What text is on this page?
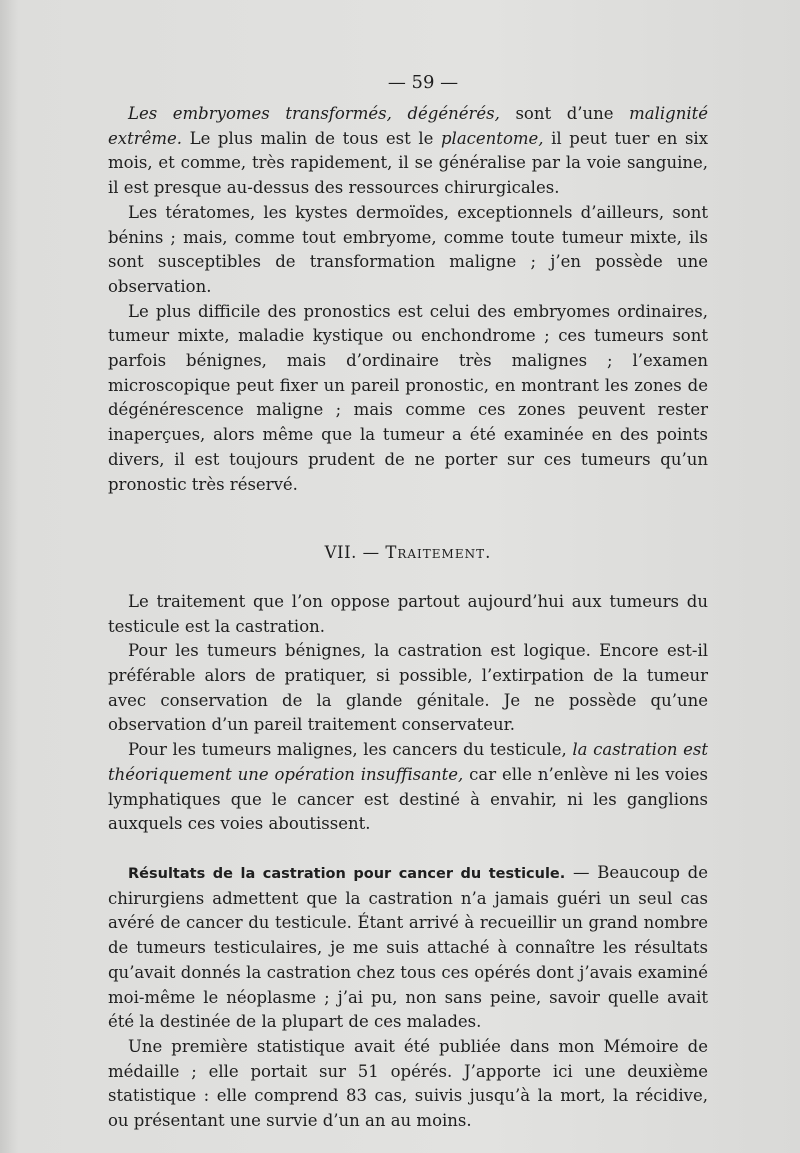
— 59 —

Les embryomes transformés, dégénérés, sont d’une malignité extrême. Le plus malin de tous est le placentome, il peut tuer en six mois, et comme, très rapidement, il se généralise par la voie sanguine, il est presque au-dessus des ressources chirurgicales.

Les tératomes, les kystes dermoïdes, exceptionnels d’ailleurs, sont bénins ; mais, comme tout embryome, comme toute tumeur mixte, ils sont susceptibles de transformation maligne ; j’en possède une observation.

Le plus difficile des pronostics est celui des embryomes ordinaires, tumeur mixte, maladie kystique ou enchondrome ; ces tumeurs sont parfois bénignes, mais d’ordinaire très malignes ; l’examen microscopique peut fixer un pareil pronostic, en montrant les zones de dégénérescence maligne ; mais comme ces zones peuvent rester inaperçues, alors même que la tumeur a été examinée en des points divers, il est toujours prudent de ne porter sur ces tumeurs qu’un pronostic très réservé.

VII. — Traitement.

Le traitement que l’on oppose partout aujourd’hui aux tumeurs du testicule est la castration.

Pour les tumeurs bénignes, la castration est logique. Encore est-il préférable alors de pratiquer, si possible, l’extirpation de la tumeur avec conservation de la glande génitale. Je ne possède qu’une observation d’un pareil traitement conservateur.

Pour les tumeurs malignes, les cancers du testicule, la castration est théoriquement une opération insuffisante, car elle n’enlève ni les voies lymphatiques que le cancer est destiné à envahir, ni les ganglions auxquels ces voies aboutissent.

Résultats de la castration pour cancer du testicule. — Beaucoup de chirurgiens admettent que la castration n’a jamais guéri un seul cas avéré de cancer du testicule. Étant arrivé à recueillir un grand nombre de tumeurs testiculaires, je me suis attaché à connaître les résultats qu’avait donnés la castration chez tous ces opérés dont j’avais examiné moi-même le néoplasme ; j’ai pu, non sans peine, savoir quelle avait été la destinée de la plupart de ces malades.

Une première statistique avait été publiée dans mon Mémoire de médaille ; elle portait sur 51 opérés. J’apporte ici une deuxième statistique : elle comprend 83 cas, suivis jusqu’à la mort, la récidive, ou présentant une survie d’un an au moins.
